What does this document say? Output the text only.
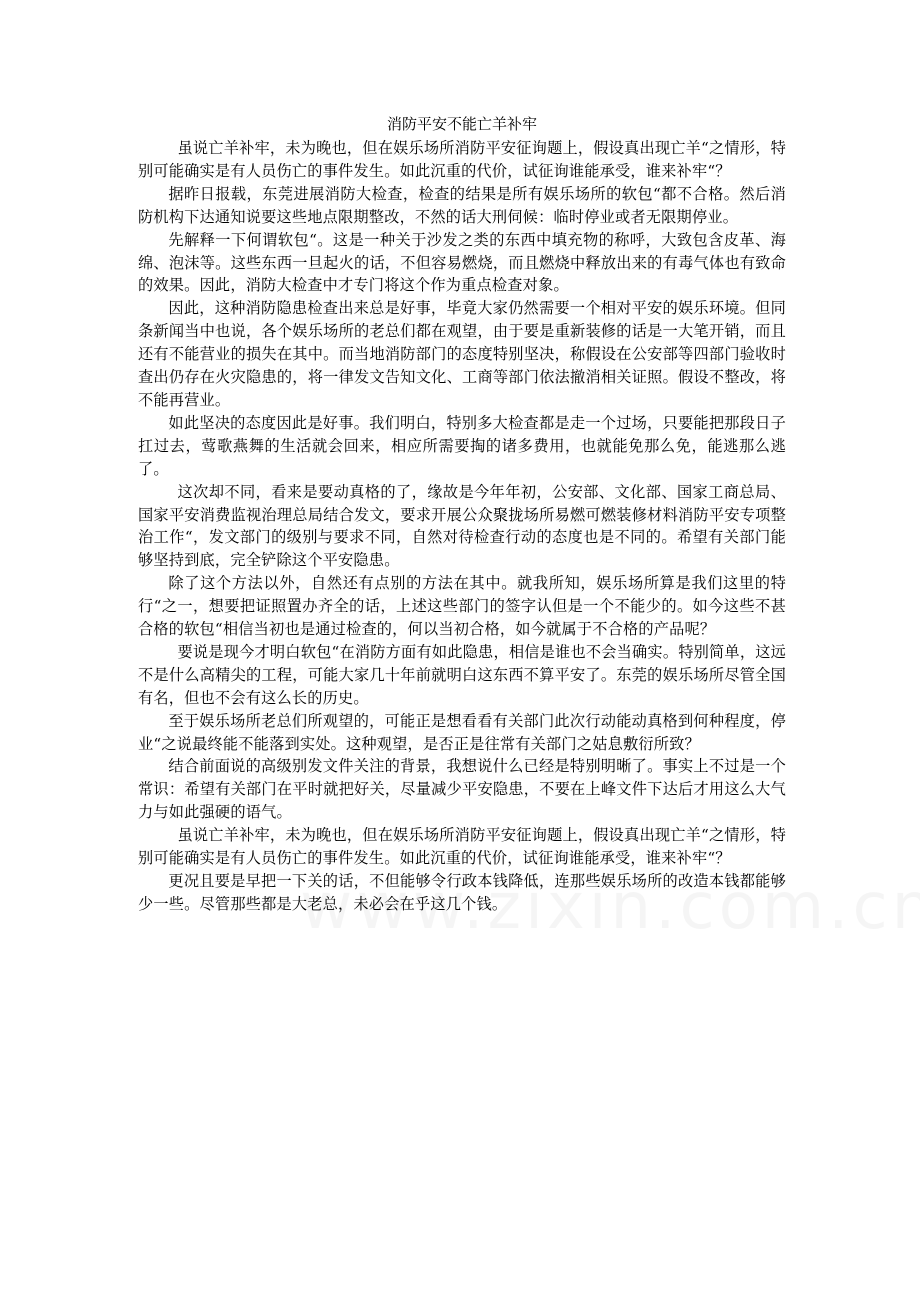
消防平安不能亡羊补牢

虽说亡羊补牢，未为晚也，但在娱乐场所消防平安征询题上，假设真出现亡羊“之情形，特别可能确实是有人员伤亡的事件发生。如此沉重的代价，试征询谁能承受，谁来补牢“？

据昨日报载，东莞进展消防大检查，检查的结果是所有娱乐场所的软包“都不合格。然后消防机构下达通知说要这些地点限期整改，不然的话大刑伺候：临时停业或者无限期停业。

先解释一下何谓软包“。这是一种关于沙发之类的东西中填充物的称呼，大致包含皮革、海绵、泡沫等。这些东西一旦起火的话，不但容易燃烧，而且燃烧中释放出来的有毒气体也有致命的效果。因此，消防大检查中才专门将这个作为重点检查对象。

因此，这种消防隐患检查出来总是好事，毕竟大家仍然需要一个相对平安的娱乐环境。但同条新闻当中也说，各个娱乐场所的老总们都在观望，由于要是重新装修的话是一大笔开销，而且还有不能营业的损失在其中。而当地消防部门的态度特别坚决，称假设在公安部等四部门验收时查出仍存在火灾隐患的，将一律发文告知文化、工商等部门依法撤消相关证照。假设不整改，将不能再营业。

如此坚决的态度因此是好事。我们明白，特别多大检查都是走一个过场，只要能把那段日子扛过去，莺歌燕舞的生活就会回来，相应所需要掏的诸多费用，也就能免那么免，能逃那么逃了。

这次却不同，看来是要动真格的了，缘故是今年年初，公安部、文化部、国家工商总局、国家平安消费监视治理总局结合发文，要求开展公众聚拢场所易燃可燃装修材料消防平安专项整治工作“，发文部门的级别与要求不同，自然对待检查行动的态度也是不同的。希望有关部门能够坚持到底，完全铲除这个平安隐患。

除了这个方法以外，自然还有点别的方法在其中。就我所知，娱乐场所算是我们这里的特行“之一，想要把证照置办齐全的话，上述这些部门的签字认但是一个不能少的。如今这些不甚合格的软包“相信当初也是通过检查的，何以当初合格，如今就属于不合格的产品呢？

要说是现今才明白软包“在消防方面有如此隐患，相信是谁也不会当确实。特别简单，这远不是什么高精尖的工程，可能大家几十年前就明白这东西不算平安了。东莞的娱乐场所尽管全国有名，但也不会有这么长的历史。

至于娱乐场所老总们所观望的，可能正是想看看有关部门此次行动能动真格到何种程度，停业“之说最终能不能落到实处。这种观望，是否正是往常有关部门之姑息敷衍所致？

结合前面说的高级别发文件关注的背景，我想说什么已经是特别明晰了。事实上不过是一个常识：希望有关部门在平时就把好关，尽量减少平安隐患，不要在上峰文件下达后才用这么大气力与如此强硬的语气。

虽说亡羊补牢，未为晚也，但在娱乐场所消防平安征询题上，假设真出现亡羊“之情形，特别可能确实是有人员伤亡的事件发生。如此沉重的代价，试征询谁能承受，谁来补牢“？

更况且要是早把一下关的话，不但能够令行政本钱降低，连那些娱乐场所的改造本钱都能够少一些。尽管那些都是大老总，未必会在乎这几个钱。
